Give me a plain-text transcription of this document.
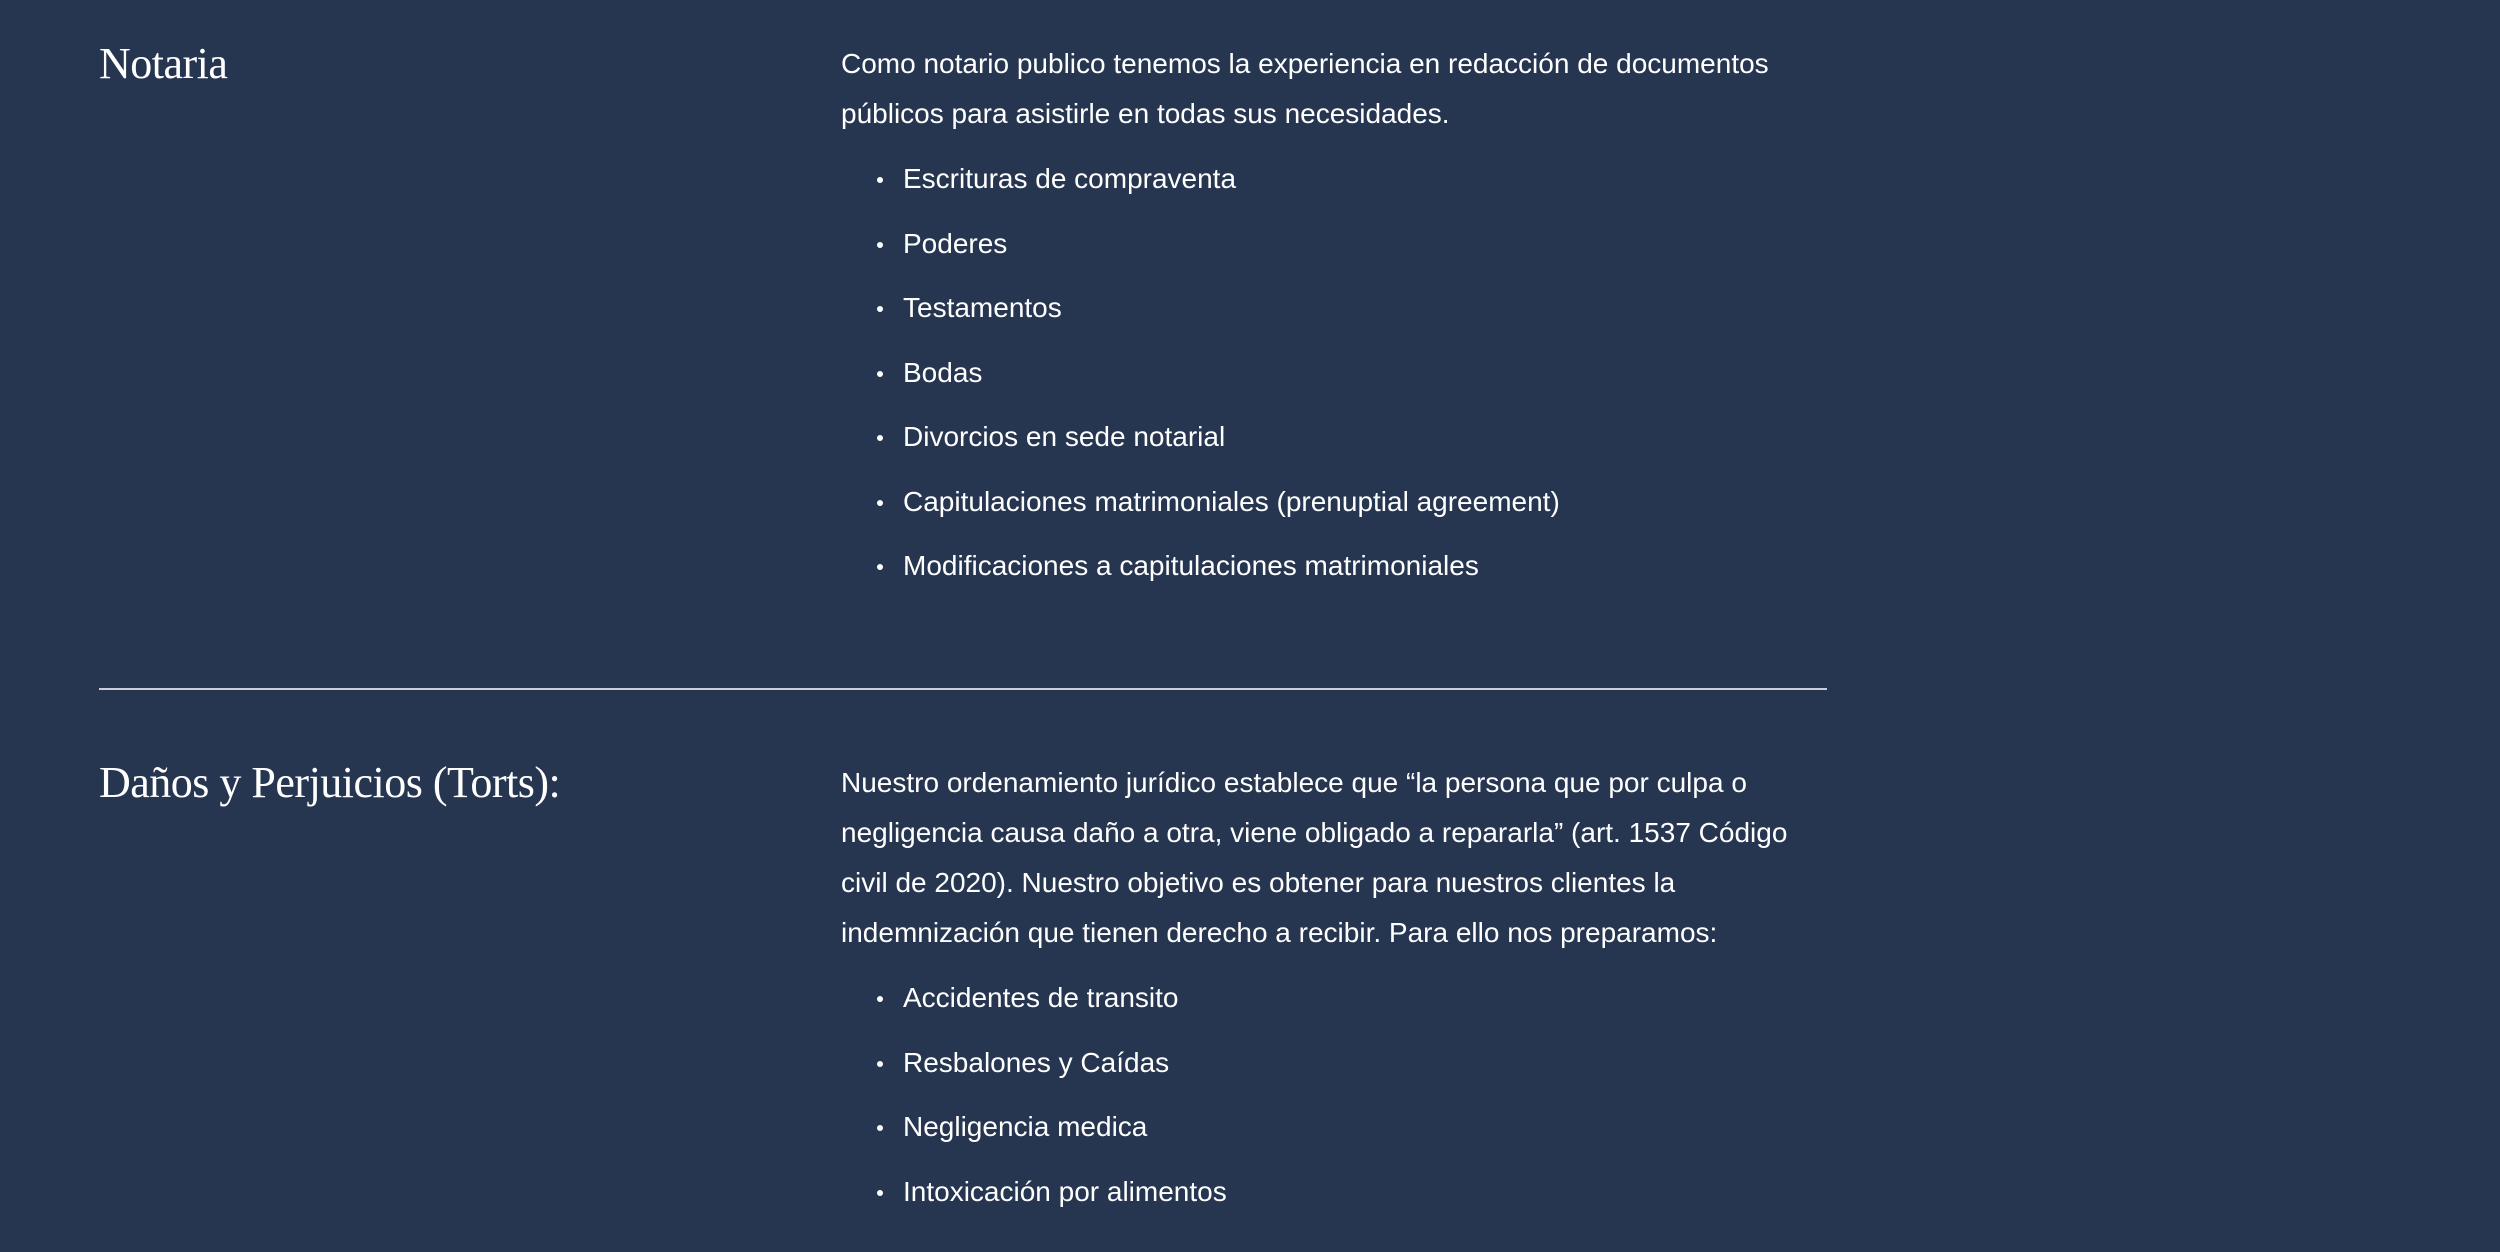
Notaria	Como notario publico tenemos la experiencia en redacción de documentos públicos para asistirle en todas sus necesidades.

Escrituras de compraventa
Poderes
Testamentos
Bodas
Divorcios en sede notarial
Capitulaciones matrimoniales (prenuptial agreement)
Modificaciones a capitulaciones matrimoniales
Daños y Perjuicios (Torts):	Nuestro ordenamiento jurídico establece que “la persona que por culpa o negligencia causa daño a otra, viene obligado a repararla” (art. 1537 Código civil de 2020). Nuestro objetivo es obtener para nuestros clientes la indemnización que tienen derecho a recibir. Para ello nos preparamos:

Accidentes de transito
Resbalones y Caídas
Negligencia medica
Intoxicación por alimentos
